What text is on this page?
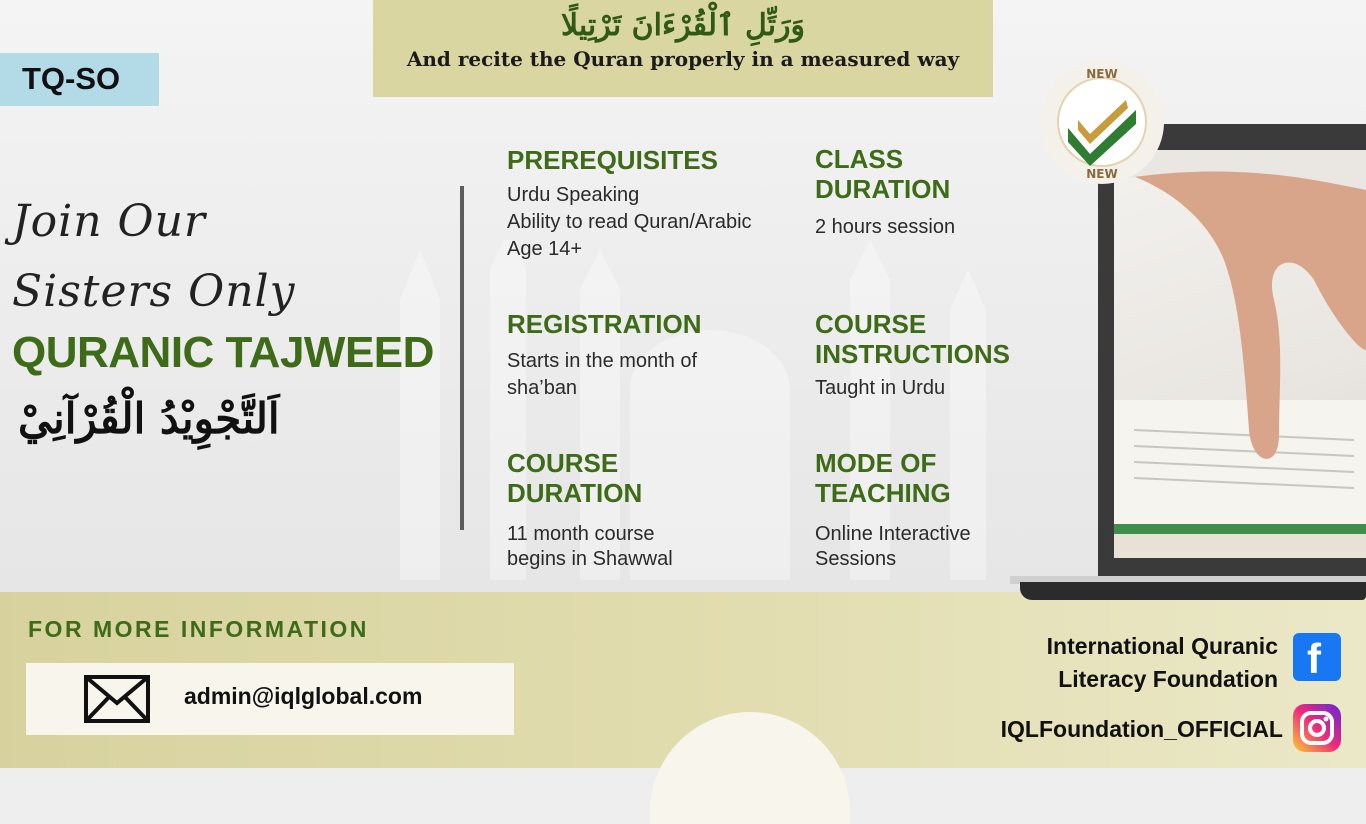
وَرَتِّلِ ٱلْقُرْءَانَ تَرْتِيلًا
And recite the Quran properly in a measured way
TQ-SO
Join Our
Sisters Only
QURANIC TAJWEED
اَلتَّجْوِيْدُ الْقُرْآنِيْ
PREREQUISITES
Urdu Speaking
Ability to read Quran/Arabic
Age 14+
REGISTRATION
Starts in the month of
sha’ban
COURSE
DURATION
11 month course
begins in Shawwal
CLASS
DURATION
2 hours session
COURSE
INSTRUCTIONS
Taught in Urdu
MODE OF
TEACHING
Online Interactive
Sessions
NEW
NEW
FOR MORE INFORMATION
admin@iqlglobal.com
International Quranic
Literacy Foundation f
IQLFoundation_OFFICIAL
